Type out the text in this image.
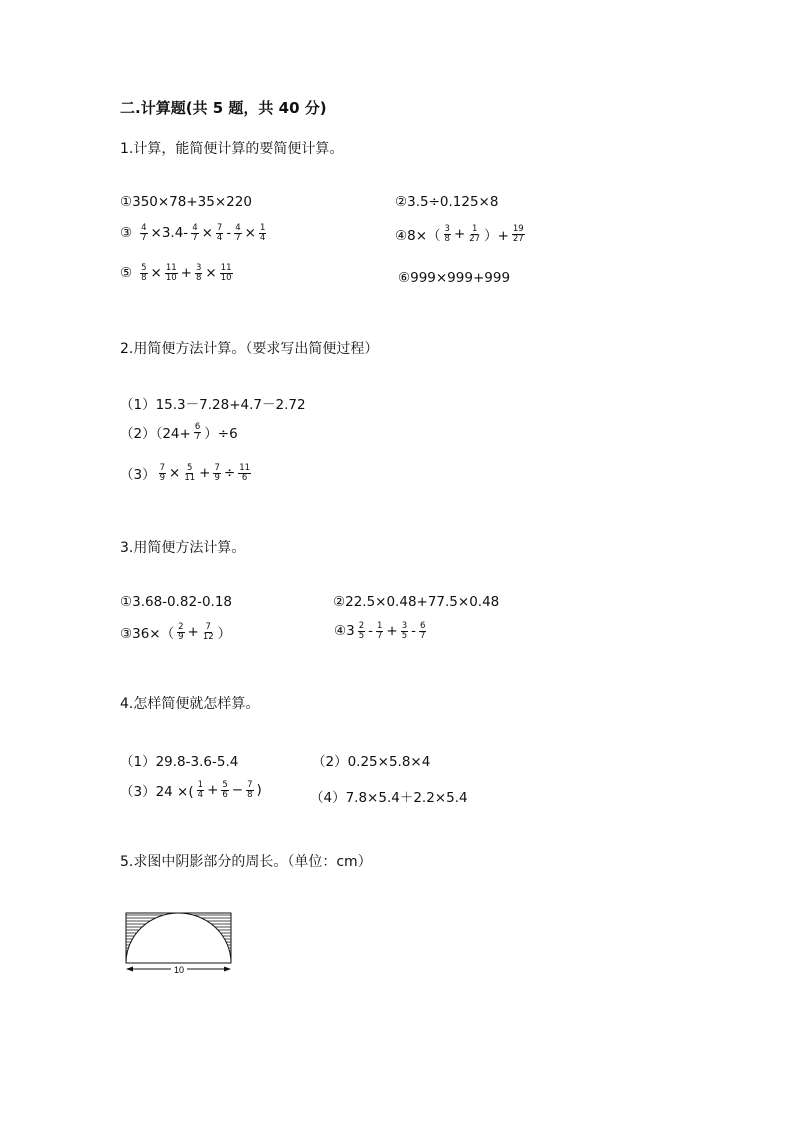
二.计算题(共 5 题，共 40 分)
1.计算，能简便计算的要简便计算。
①350×78+35×220	②3.5÷0.125×8
③ $\frac{4}{7} \times 3.4- \frac{4}{7} \times \frac{7}{4} - \frac{4}{7} \times \frac{1}{4}$	④8×（ $\frac{3}{8} + \frac{1}{27}$ ）+ $\frac{19}{27}$
⑤ $\frac{5}{8} \times \frac{11}{10} + \frac{3}{8} \times \frac{11}{10}$	⑥999×999+999
2.用简便方法计算。（要求写出简便过程）
（1）15.3－7.28+4.7－2.72
$(2)(24+ \frac{6}{7} )\div 6$
$(3) \frac{7}{9} \times \frac{5}{11} + \frac{7}{9} \div \frac{11}{6}$
3.用简便方法计算。
①3.68-0.82-0.18	②22.5×0.48+77.5×0.48
③36×（ $\frac{2}{9} + \frac{7}{12}$ ）	④3 $\frac{2}{5} - \frac{1}{7} + \frac{3}{5} - \frac{6}{7}$
4.怎样简便就怎样算。
（1）29.8-3.6-5.4	（2）0.25×5.8×4
（3）24 ×( $\frac{1}{4} + \frac{5}{6} - \frac{7}{8}$ )	（4）7.8×5.4＋2.2×5.4
5.求图中阴影部分的周长。（单位：cm）
10
